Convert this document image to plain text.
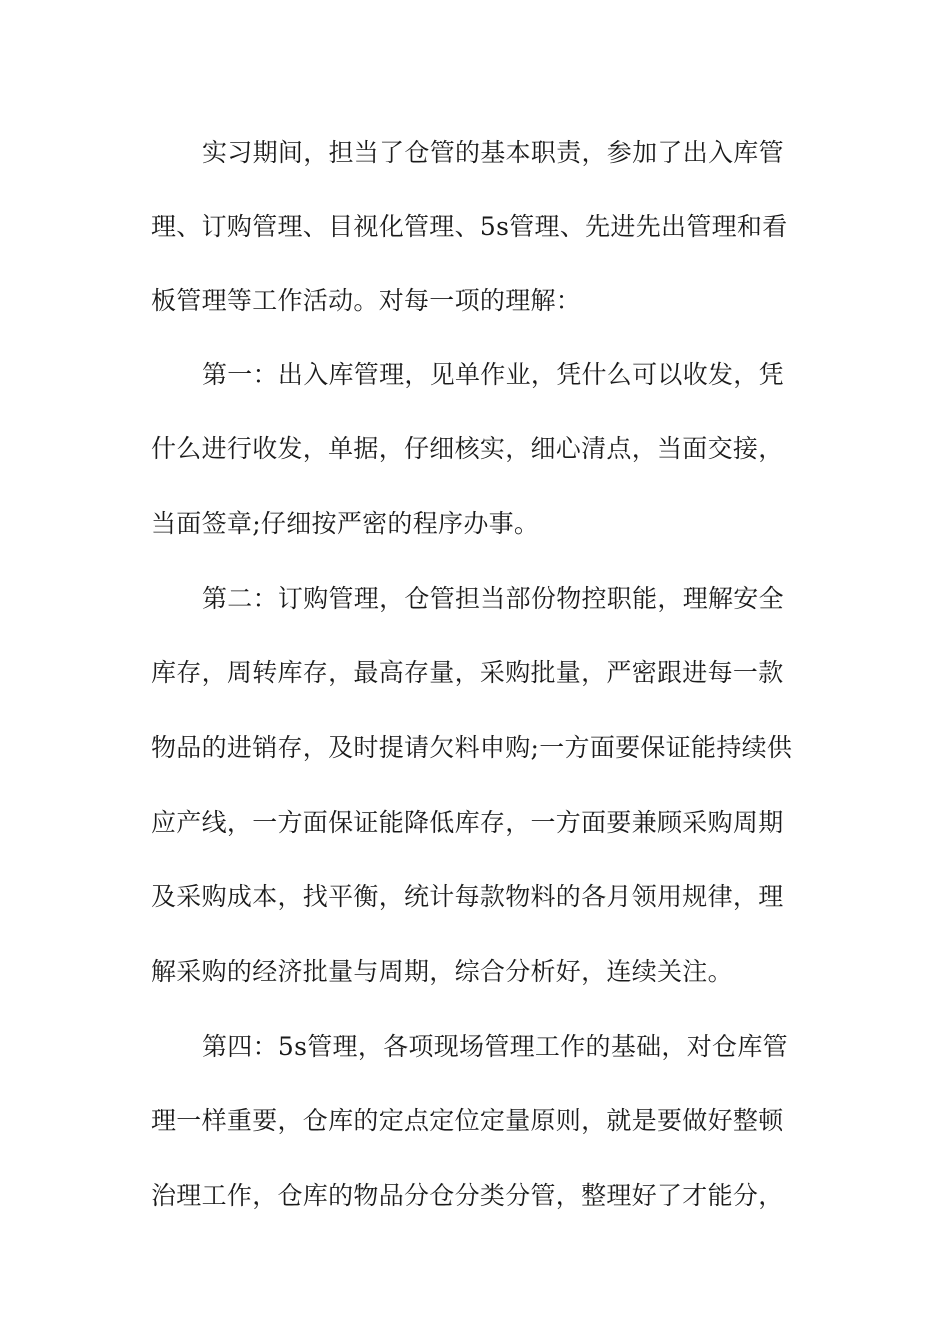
实习期间，担当了仓管的基本职责，参加了出入库管
理、订购管理、目视化管理、5s管理、先进先出管理和看
板管理等工作活动。对每一项的理解：
第一：出入库管理，见单作业，凭什么可以收发，凭
什么进行收发，单据，仔细核实，细心清点，当面交接，
当面签章;仔细按严密的程序办事。
第二：订购管理，仓管担当部份物控职能，理解安全
库存，周转库存，最高存量，采购批量，严密跟进每一款
物品的进销存，及时提请欠料申购;一方面要保证能持续供
应产线，一方面保证能降低库存，一方面要兼顾采购周期
及采购成本，找平衡，统计每款物料的各月领用规律，理
解采购的经济批量与周期，综合分析好，连续关注。
第四：5s管理，各项现场管理工作的基础，对仓库管
理一样重要，仓库的定点定位定量原则，就是要做好整顿
治理工作，仓库的物品分仓分类分管，整理好了才能分，
